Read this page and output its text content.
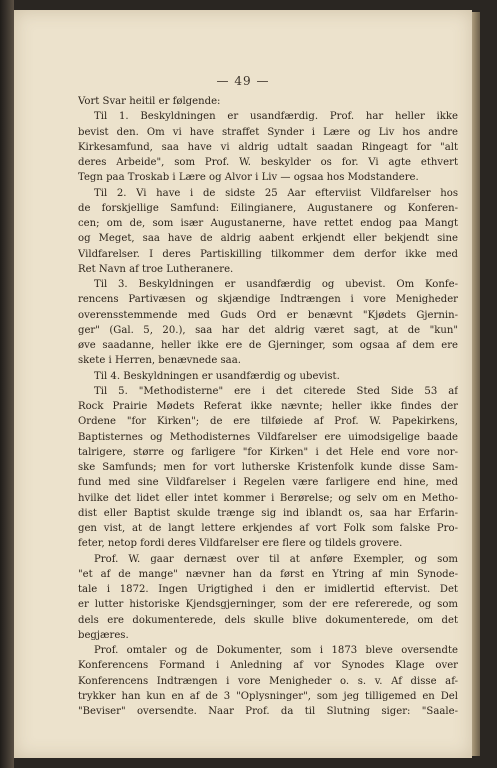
— 49 —
Vort Svar heitil er følgende:
Til 1. Beskyldningen er usandfærdig. Prof. har heller ikke
bevist den. Om vi have straffet Synder i Lære og Liv hos andre
Kirkesamfund, saa have vi aldrig udtalt saadan Ringeagt for "alt
deres Arbeide", som Prof. W. beskylder os for. Vi agte ethvert
Tegn paa Troskab i Lære og Alvor i Liv — ogsaa hos Modstandere.
Til 2. Vi have i de sidste 25 Aar efterviist Vildfarelser hos
de forskjellige Samfund: Eilingianere, Augustanere og Konferen-
cen; om de, som især Augustanerne, have rettet endog paa Mangt
og Meget, saa have de aldrig aabent erkjendt eller bekjendt sine
Vildfarelser. I deres Partiskilling tilkommer dem derfor ikke med
Ret Navn af troe Lutheranere.
Til 3. Beskyldningen er usandfærdig og ubevist. Om Konfe-
rencens Partivæsen og skjændige Indtrængen i vore Menigheder
overensstemmende med Guds Ord er benævnt "Kjødets Gjernin-
ger" (Gal. 5, 20.), saa har det aldrig været sagt, at de "kun"
øve saadanne, heller ikke ere de Gjerninger, som ogsaa af dem ere
skete i Herren, benævnede saa.
Til 4. Beskyldningen er usandfærdig og ubevist.
Til 5. "Methodisterne" ere i det citerede Sted Side 53 af
Rock Prairie Mødets Referat ikke nævnte; heller ikke findes der
Ordene "for Kirken"; de ere tilføiede af Prof. W. Papekirkens,
Baptisternes og Methodisternes Vildfarelser ere uimodsigelige baade
talrigere, større og farligere "for Kirken" i det Hele end vore nor-
ske Samfunds; men for vort lutherske Kristenfolk kunde disse Sam-
fund med sine Vildfarelser i Regelen være farligere end hine, med
hvilke det lidet eller intet kommer i Berørelse; og selv om en Metho-
dist eller Baptist skulde trænge sig ind iblandt os, saa har Erfarin-
gen vist, at de langt lettere erkjendes af vort Folk som falske Pro-
feter, netop fordi deres Vildfarelser ere flere og tildels grovere.
Prof. W. gaar dernæst over til at anføre Exempler, og som
"et af de mange" nævner han da først en Ytring af min Synode-
tale i 1872. Ingen Urigtighed i den er imidlertid eftervist. Det
er lutter historiske Kjendsgjerninger, som der ere refererede, og som
dels ere dokumenterede, dels skulle blive dokumenterede, om det
begjæres.
Prof. omtaler og de Dokumenter, som i 1873 bleve oversendte
Konferencens Formand i Anledning af vor Synodes Klage over
Konferencens Indtrængen i vore Menigheder o. s. v. Af disse af-
trykker han kun en af de 3 "Oplysninger", som jeg tilligemed en Del
"Beviser" oversendte. Naar Prof. da til Slutning siger: "Saale-
